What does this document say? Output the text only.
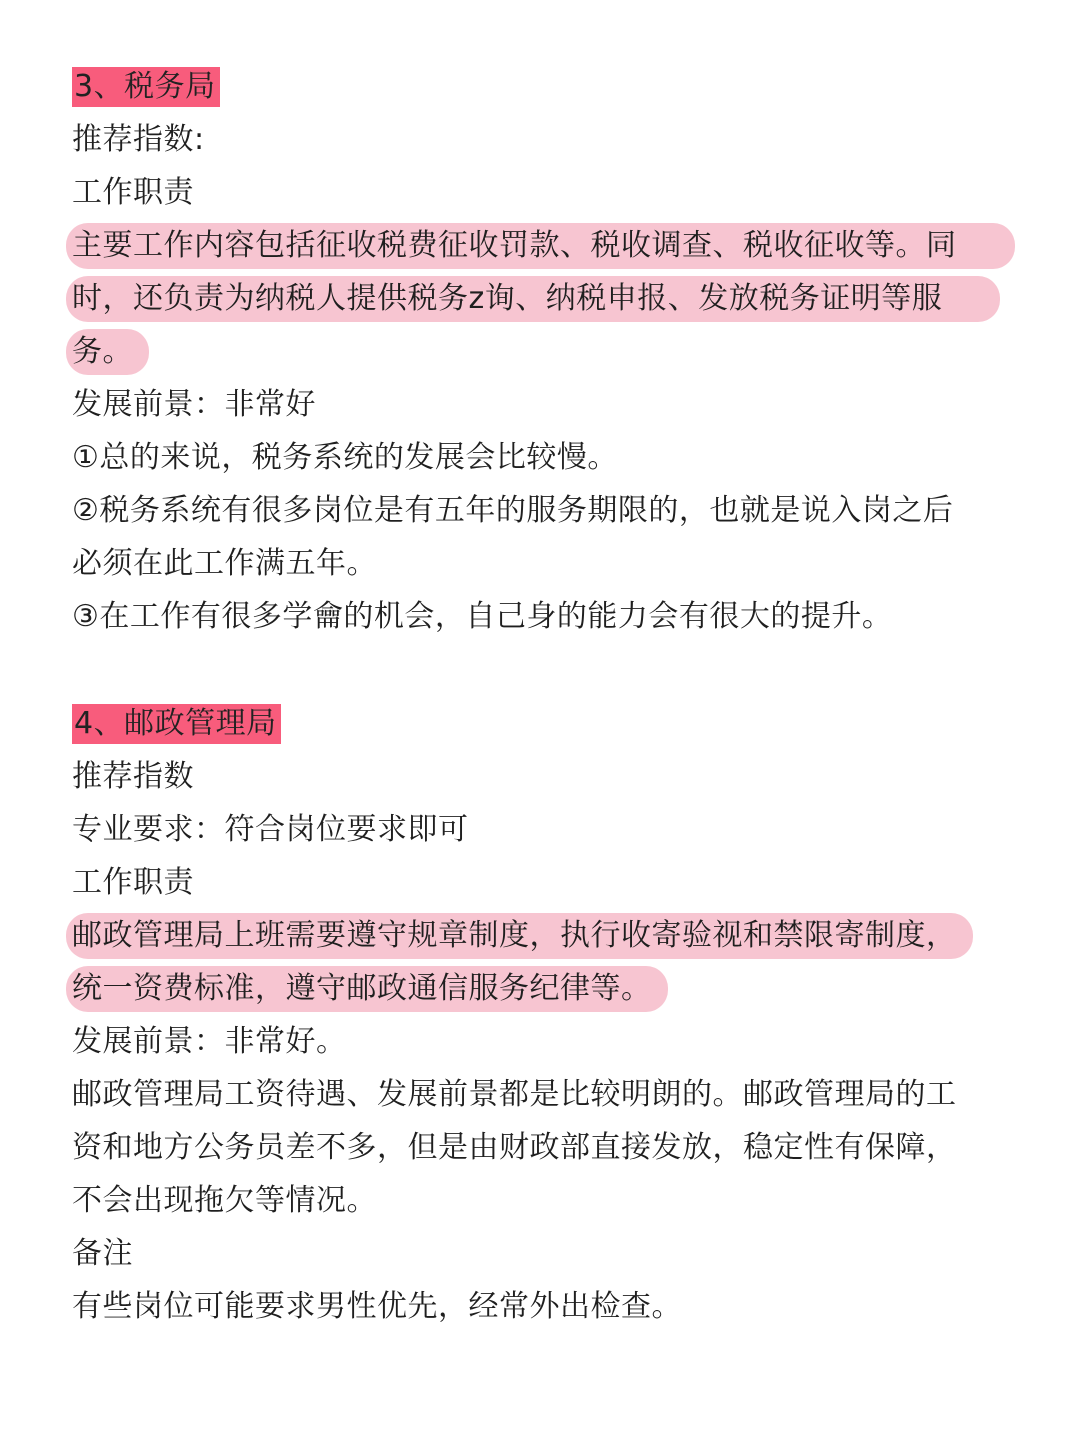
3、税务局
推荐指数:
工作职责
主要工作内容包括征收税费征收罚款、税收调查、税收征收等。同
时，还负责为纳税人提供税务z询、纳税申报、发放税务证明等服
务。
发展前景：非常好
①总的来说，税务系统的发展会比较慢。
②税务系统有很多岗位是有五年的服务期限的，也就是说入岗之后
必须在此工作满五年。
③在工作有很多学龠的机会，自己身的能力会有很大的提升。
4、邮政管理局
推荐指数
专业要求：符合岗位要求即可
工作职责
邮政管理局上班需要遵守规章制度，执行收寄验视和禁限寄制度，
统一资费标准，遵守邮政通信服务纪律等。
发展前景：非常好。
邮政管理局工资待遇、发展前景都是比较明朗的。邮政管理局的工
资和地方公务员差不多，但是由财政部直接发放，稳定性有保障，
不会出现拖欠等情况。
备注
有些岗位可能要求男性优先，经常外出检查。
